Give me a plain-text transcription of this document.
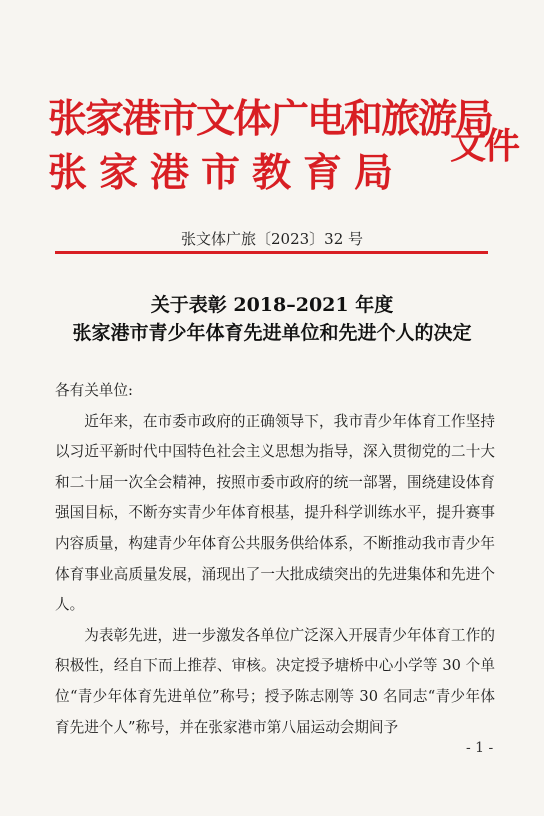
张家港市文体广电和旅游局
张家港市教育局
文件
张文体广旅〔2023〕32 号
关于表彰 2018–2021 年度
张家港市青少年体育先进单位和先进个人的决定

各有关单位:

近年来，在市委市政府的正确领导下，我市青少年体育工作坚持以习近平新时代中国特色社会主义思想为指导，深入贯彻党的二十大和二十届一次全会精神，按照市委市政府的统一部署，围绕建设体育强国目标，不断夯实青少年体育根基，提升科学训练水平，提升赛事内容质量，构建青少年体育公共服务供给体系，不断推动我市青少年体育事业高质量发展，涌现出了一大批成绩突出的先进集体和先进个人。

为表彰先进，进一步激发各单位广泛深入开展青少年体育工作的积极性，经自下而上推荐、审核。决定授予塘桥中心小学等 30 个单位“青少年体育先进单位”称号；授予陈志刚等 30 名同志“青少年体育先进个人”称号，并在张家港市第八届运动会期间予

- 1 -
